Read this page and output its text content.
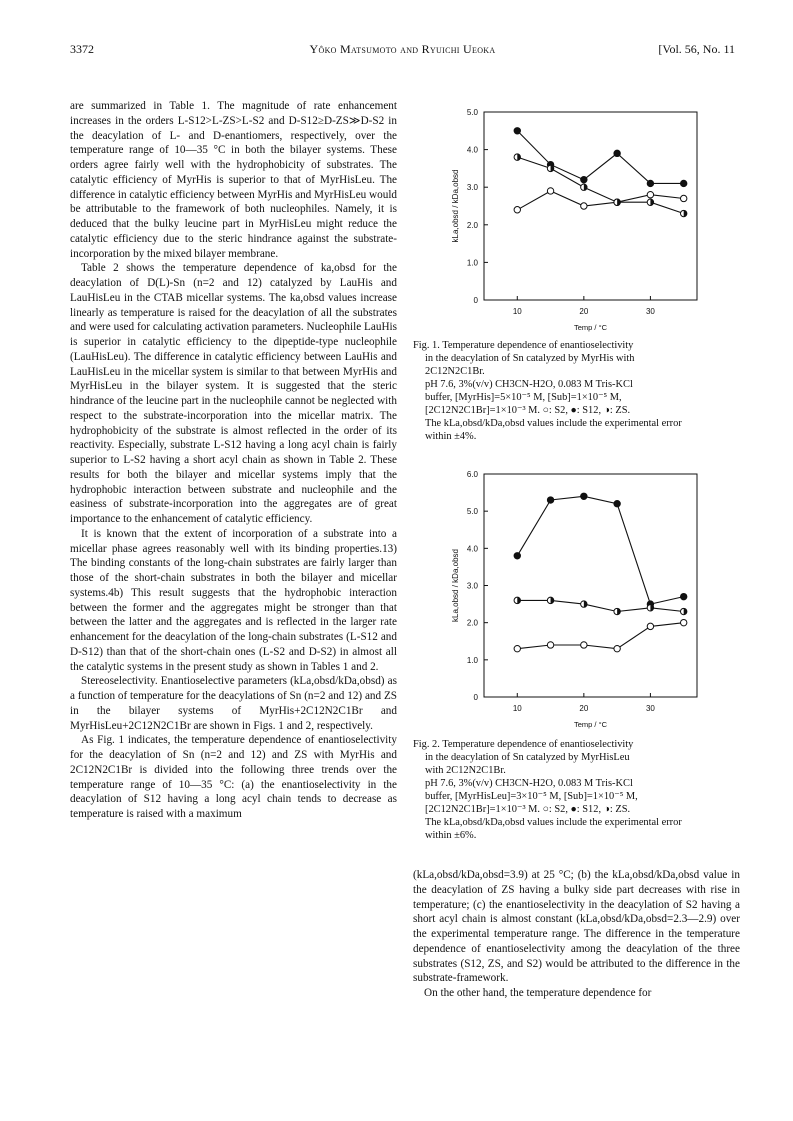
3372	Yôko Matsumoto and Ryuichi Ueoka	[Vol. 56, No. 11

are summarized in Table 1. The magnitude of rate enhancement increases in the orders L-S12>L-ZS>L-S2 and D-S12≥D-ZS≫D-S2 in the deacylation of L- and D-enantiomers, respectively, over the temperature range of 10—35 °C in both the bilayer systems. These orders agree fairly well with the hydrophobicity of substrates. The catalytic efficiency of MyrHis is superior to that of MyrHisLeu. The difference in catalytic efficiency between MyrHis and MyrHisLeu would be attributable to the framework of both nucleophiles. Namely, it is deduced that the bulky leucine part in MyrHisLeu might reduce the catalytic efficiency due to the steric hindrance against the substrate-incorporation by the mixed bilayer membrane.

Table 2 shows the temperature dependence of ka,obsd for the deacylation of D(L)-Sn (n=2 and 12) catalyzed by LauHis and LauHisLeu in the CTAB micellar systems. The ka,obsd values increase linearly as temperature is raised for the deacylation of all the substrates and were used for calculating activation parameters. Nucleophile LauHis is superior in catalytic efficiency to the dipeptide-type nucleophile (LauHisLeu). The difference in catalytic efficiency between LauHis and LauHisLeu in the micellar system is similar to that between MyrHis and MyrHisLeu in the bilayer system. It is suggested that the steric hindrance of the leucine part in the nucleophile cannot be neglected with respect to the substrate-incorporation into the micellar matrix. The hydrophobicity of the substrate is almost reflected in the order of its reactivity. Especially, substrate L-S12 having a long acyl chain is fairly superior to L-S2 having a short acyl chain as shown in Table 2. These results for both the bilayer and micellar systems imply that the hydrophobic interaction between substrate and nucleophile and the easiness of substrate-incorporation into the aggregates are of great importance to the enhancement of catalytic efficiency.

It is known that the extent of incorporation of a substrate into a micellar phase agrees reasonably well with its binding properties.13) The binding constants of the long-chain substrates are fairly larger than those of the short-chain substrates in both the bilayer and micellar systems.4b) This result suggests that the hydrophobic interaction between the former and the aggregates might be stronger than that between the latter and the aggregates and is reflected in the larger rate enhancement for the deacylation of the long-chain substrates (L-S12 and D-S12) than that of the short-chain ones (L-S2 and D-S2) in almost all the catalytic systems in the present study as shown in Tables 1 and 2.

Stereoselectivity. Enantioselective parameters (kLa,obsd/kDa,obsd) as a function of temperature for the deacylations of Sn (n=2 and 12) and ZS in the bilayer systems of MyrHis+2C12N2C1Br and MyrHisLeu+2C12N2C1Br are shown in Figs. 1 and 2, respectively.

As Fig. 1 indicates, the temperature dependence of enantioselectivity for the deacylation of Sn (n=2 and 12) and ZS with MyrHis and 2C12N2C1Br is divided into the following three trends over the temperature range of 10—35 °C: (a) the enantioselectivity in the deacylation of S12 having a long acyl chain tends to decrease as temperature is raised with a maximum

0
1.0
2.0
3.0
4.0
5.0
10	20	30
Temp / °C
kLa,obsd / kDa,obsd

Fig. 1. Temperature dependence of enantioselectivity

in the deacylation of Sn catalyzed by MyrHis with

2C12N2C1Br.

pH 7.6, 3%(v/v) CH3CN-H2O, 0.083 M Tris-KCl

buffer, [MyrHis]=5×10⁻⁵ M, [Sub]=1×10⁻⁵ M,

[2C12N2C1Br]=1×10⁻³ M. ○: S2, ●: S12, ◑: ZS.

The kLa,obsd/kDa,obsd values include the experimental error

within ±4%.

0
1.0
2.0
3.0
4.0
5.0
6.0
10	20	30
Temp / °C
kLa,obsd / kDa,obsd

Fig. 2. Temperature dependence of enantioselectivity

in the deacylation of Sn catalyzed by MyrHisLeu

with 2C12N2C1Br.

pH 7.6, 3%(v/v) CH3CN-H2O, 0.083 M Tris-KCl

buffer, [MyrHisLeu]=3×10⁻⁵ M, [Sub]=1×10⁻⁵ M,

[2C12N2C1Br]=1×10⁻³ M. ○: S2, ●: S12, ◑: ZS.

The kLa,obsd/kDa,obsd values include the experimental error

within ±6%.

(kLa,obsd/kDa,obsd=3.9) at 25 °C; (b) the kLa,obsd/kDa,obsd value in the deacylation of ZS having a bulky side part decreases with rise in temperature; (c) the enantioselectivity in the deacylation of S2 having a short acyl chain is almost constant (kLa,obsd/kDa,obsd=2.3—2.9) over the experimental temperature range. The difference in the temperature dependence of enantioselectivity among the deacylation of the three substrates (S12, ZS, and S2) would be attributed to the difference in the substrate-framework.

On the other hand, the temperature dependence for
